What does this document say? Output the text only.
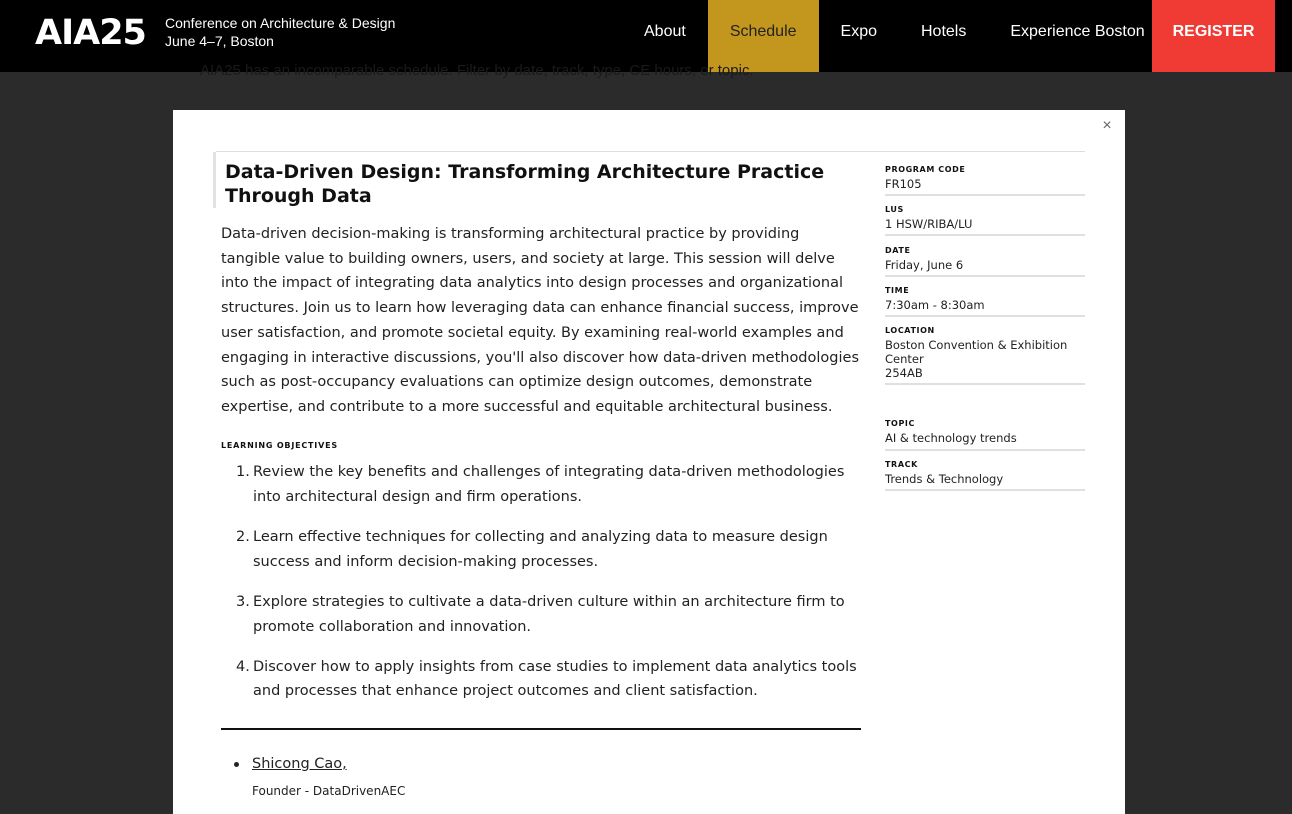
AIA25 Conference on Architecture & Design
June 4–7, Boston
About	Schedule	Expo	Hotels	Experience Boston	REGISTER
AIA25 has an incomparable schedule. Filter by date, track, type, CE hours, or topic.
×
Data-Driven Design: Transforming Architecture Practice Through Data
Data-driven decision-making is transforming architectural practice by providing tangible value to building owners, users, and society at large. This session will delve into the impact of integrating data analytics into design processes and organizational structures. Join us to learn how leveraging data can enhance financial success, improve user satisfaction, and promote societal equity. By examining real-world examples and engaging in interactive discussions, you'll also discover how data-driven methodologies such as post-occupancy evaluations can optimize design outcomes, demonstrate expertise, and contribute to a more successful and equitable architectural business.
LEARNING OBJECTIVES
1. Review the key benefits and challenges of integrating data-driven methodologies into architectural design and firm operations.
2. Learn effective techniques for collecting and analyzing data to measure design success and inform decision-making processes.
3. Explore strategies to cultivate a data-driven culture within an architecture firm to promote collaboration and innovation.
4. Discover how to apply insights from case studies to implement data analytics tools and processes that enhance project outcomes and client satisfaction.
Shicong Cao,
Founder - DataDrivenAEC
PROGRAM CODE
FR105
LUS
1 HSW/RIBA/LU
DATE
Friday, June 6
TIME
7:30am - 8:30am
LOCATION
Boston Convention & Exhibition
Center
254AB
TOPIC
AI & technology trends
TRACK
Trends & Technology
